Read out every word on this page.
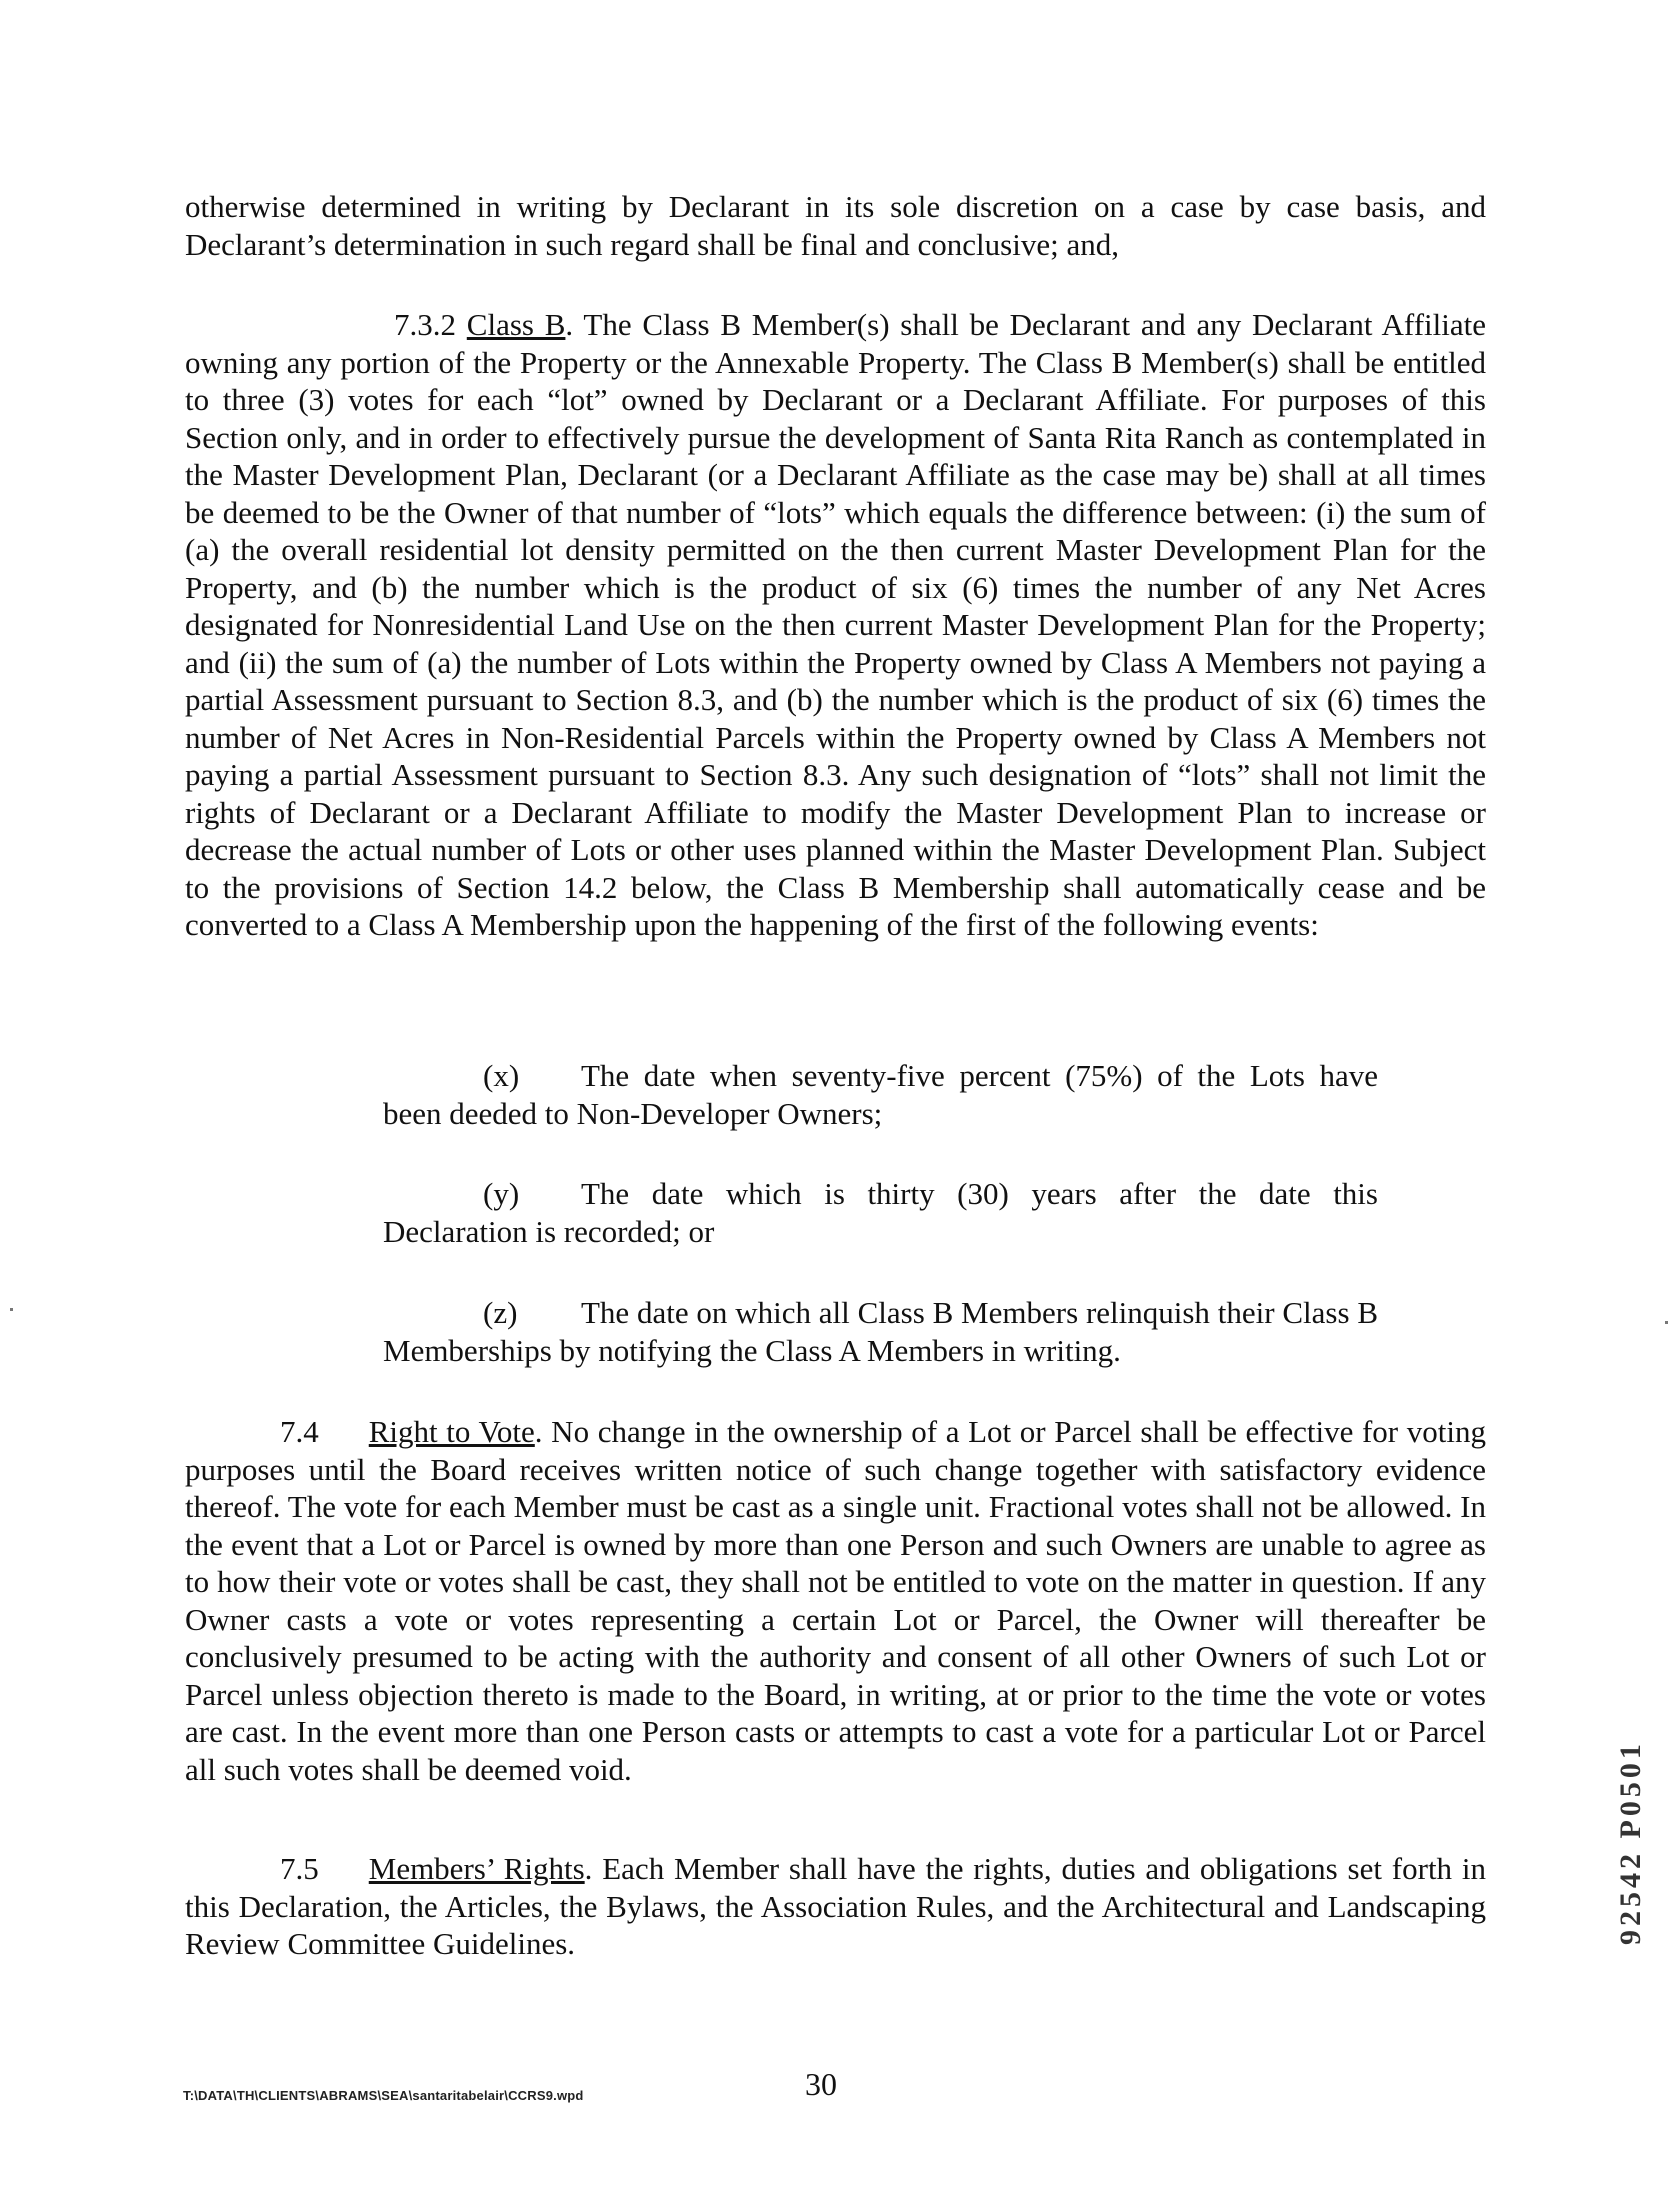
otherwise determined in writing by Declarant in its sole discretion on a case by case basis, and Declarant’s determination in such regard shall be final and conclusive; and,

7.3.2 Class B. The Class B Member(s) shall be Declarant and any Declarant Affiliate owning any portion of the Property or the Annexable Property. The Class B Member(s) shall be entitled to three (3) votes for each “lot” owned by Declarant or a Declarant Affiliate. For purposes of this Section only, and in order to effectively pursue the development of Santa Rita Ranch as contemplated in the Master Development Plan, Declarant (or a Declarant Affiliate as the case may be) shall at all times be deemed to be the Owner of that number of “lots” which equals the difference between: (i) the sum of (a) the overall residential lot density permitted on the then current Master Development Plan for the Property, and (b) the number which is the product of six (6) times the number of any Net Acres designated for Nonresidential Land Use on the then current Master Development Plan for the Property; and (ii) the sum of (a) the number of Lots within the Property owned by Class A Members not paying a partial Assessment pursuant to Section 8.3, and (b) the number which is the product of six (6) times the number of Net Acres in Non-Residential Parcels within the Property owned by Class A Members not paying a partial Assessment pursuant to Section 8.3. Any such designation of “lots” shall not limit the rights of Declarant or a Declarant Affiliate to modify the Master Development Plan to increase or decrease the actual number of Lots or other uses planned within the Master Development Plan. Subject to the provisions of Section 14.2 below, the Class B Membership shall automatically cease and be converted to a Class A Membership upon the happening of the first of the following events:

(x) The date when seventy-five percent (75%) of the Lots have been deeded to Non-Developer Owners;

(y) The date which is thirty (30) years after the date this Declaration is recorded; or

(z) The date on which all Class B Members relinquish their Class B Memberships by notifying the Class A Members in writing.

7.4 Right to Vote. No change in the ownership of a Lot or Parcel shall be effective for voting purposes until the Board receives written notice of such change together with satisfactory evidence thereof. The vote for each Member must be cast as a single unit. Fractional votes shall not be allowed. In the event that a Lot or Parcel is owned by more than one Person and such Owners are unable to agree as to how their vote or votes shall be cast, they shall not be entitled to vote on the matter in question. If any Owner casts a vote or votes representing a certain Lot or Parcel, the Owner will thereafter be conclusively presumed to be acting with the authority and consent of all other Owners of such Lot or Parcel unless objection thereto is made to the Board, in writing, at or prior to the time the vote or votes are cast. In the event more than one Person casts or attempts to cast a vote for a particular Lot or Parcel all such votes shall be deemed void.

7.5 Members’ Rights. Each Member shall have the rights, duties and obligations set forth in this Declaration, the Articles, the Bylaws, the Association Rules, and the Architectural and Landscaping Review Committee Guidelines.

T:\DATA\TH\CLIENTS\ABRAMS\SEA\santaritabelair\CCRS9.wpd	30
92542 P0501
